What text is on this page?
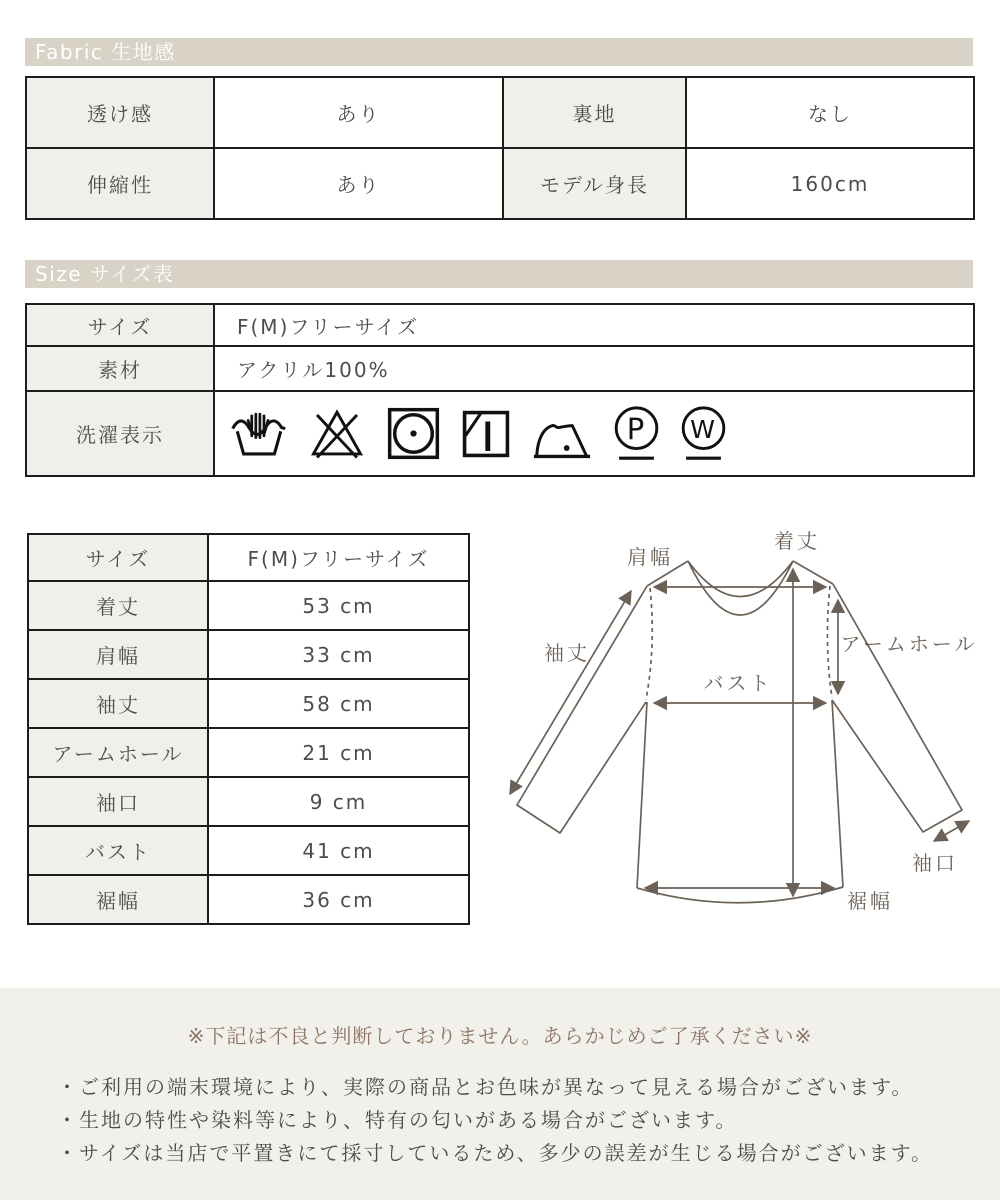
Fabric 生地感
透け感	あり	裏地	なし
伸縮性	あり	モデル身長	160cm
Size サイズ表
サイズ	F(M)フリーサイズ
素材	アクリル100%
洗濯表示	P W
サイズ	F(M)フリーサイズ
着丈	53 cm
肩幅	33 cm
袖丈	58 cm
アームホール	21 cm
袖口	9 cm
バスト	41 cm
裾幅	36 cm
着丈
肩幅
袖丈	アームホール
バスト
袖口
裾幅
※下記は不良と判断しておりません。あらかじめご了承ください※
・ご利用の端末環境により、実際の商品とお色味が異なって見える場合がございます。
・生地の特性や染料等により、特有の匂いがある場合がございます。
・サイズは当店で平置きにて採寸しているため、多少の誤差が生じる場合がございます。
